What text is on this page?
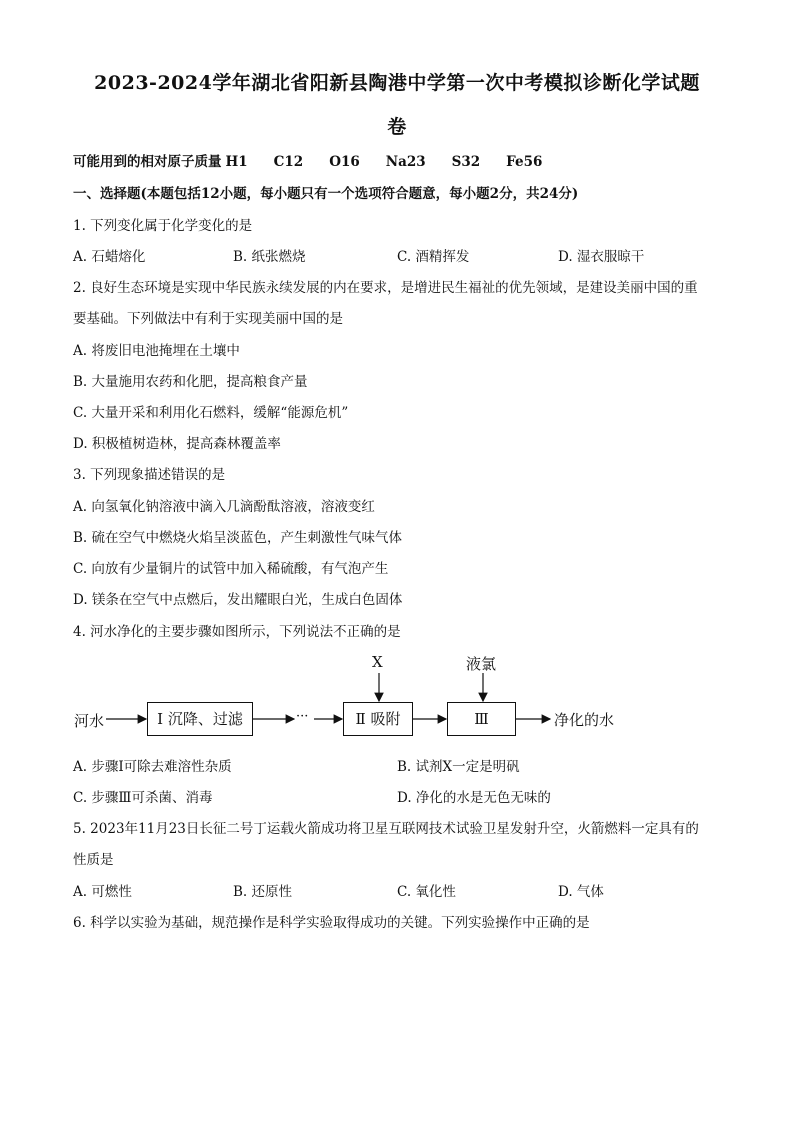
2023-2024学年湖北省阳新县陶港中学第一次中考模拟诊断化学试题
卷
可能用到的相对原子质量 H1 C12 O16 Na23 S32 Fe56
一、选择题(本题包括12小题，每小题只有一个选项符合题意，每小题2分，共24分)
1. 下列变化属于化学变化的是
A. 石蜡熔化	B. 纸张燃烧	C. 酒精挥发	D. 湿衣服晾干
2. 良好生态环境是实现中华民族永续发展的内在要求，是增进民生福祉的优先领域，是建设美丽中国的重
要基础。下列做法中有利于实现美丽中国的是
A. 将废旧电池掩埋在土壤中
B. 大量施用农药和化肥，提高粮食产量
C. 大量开采和利用化石燃料，缓解“能源危机”
D. 积极植树造林，提高森林覆盖率
3. 下列现象描述错误的是
A. 向氢氧化钠溶液中滴入几滴酚酞溶液，溶液变红
B. 硫在空气中燃烧火焰呈淡蓝色，产生刺激性气味气体
C. 向放有少量铜片的试管中加入稀硫酸，有气泡产生
D. 镁条在空气中点燃后，发出耀眼白光，生成白色固体
4. 河水净化的主要步骤如图所示，下列说法不正确的是
河水	Ⅰ 沉降、过滤	···	Ⅱ 吸附	Ⅲ
X	液氯
净化的水
A. 步骤Ⅰ可除去难溶性杂质	B. 试剂X一定是明矾
C. 步骤Ⅲ可杀菌、消毒	D. 净化的水是无色无味的
5. 2023年11月23日长征二号丁运载火箭成功将卫星互联网技术试验卫星发射升空，火箭燃料一定具有的
性质是
A. 可燃性	B. 还原性	C. 氧化性	D. 气体
6. 科学以实验为基础，规范操作是科学实验取得成功的关键。下列实验操作中正确的是
